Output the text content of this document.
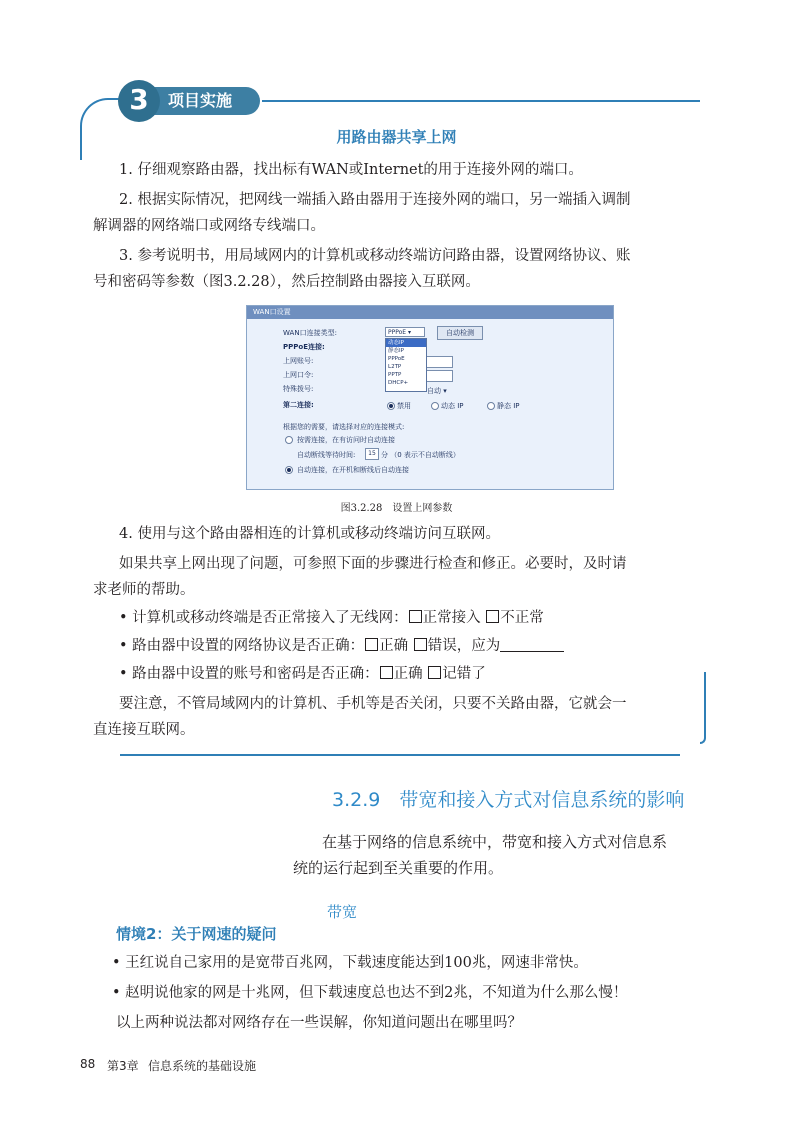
项目实施
3
用路由器共享上网
1. 仔细观察路由器，找出标有WAN或Internet的用于连接外网的端口。
2. 根据实际情况，把网线一端插入路由器用于连接外网的端口，另一端插入调制
解调器的网络端口或网络专线端口。
3. 参考说明书，用局域网内的计算机或移动终端访问路由器，设置网络协议、账
号和密码等参数（图3.2.28），然后控制路由器接入互联网。
WAN口设置
WAN口连接类型:	PPPoE ▾	自动检测
PPPoE连接:
上网账号:
上网口令:
特殊拨号:	自动 ▾
第二连接:	禁用	动态 IP	静态 IP
根据您的需要，请选择对应的连接模式:
按需连接，在有访问时自动连接
自动断线等待时间:	15 分 （0 表示不自动断线）
自动连接，在开机和断线后自动连接
动态IP
静态IP
PPPoE
L2TP
PPTP
DHCP+
图3.2.28　设置上网参数
4. 使用与这个路由器相连的计算机或移动终端访问互联网。
如果共享上网出现了问题，可参照下面的步骤进行检查和修正。必要时，及时请
求老师的帮助。
• 计算机或移动终端是否正常接入了无线网： 正常接入 不正常
• 路由器中设置的网络协议是否正确： 正确 错误，应为
• 路由器中设置的账号和密码是否正确： 正确 记错了
要注意，不管局域网内的计算机、手机等是否关闭，只要不关路由器，它就会一
直连接互联网。
3.2.9　带宽和接入方式对信息系统的影响
在基于网络的信息系统中，带宽和接入方式对信息系
统的运行起到至关重要的作用。
带宽
情境2：关于网速的疑问
• 王红说自己家用的是宽带百兆网，下载速度能达到100兆，网速非常快。
• 赵明说他家的网是十兆网，但下载速度总也达不到2兆，不知道为什么那么慢！
以上两种说法都对网络存在一些误解，你知道问题出在哪里吗？
88 第3章 信息系统的基础设施
